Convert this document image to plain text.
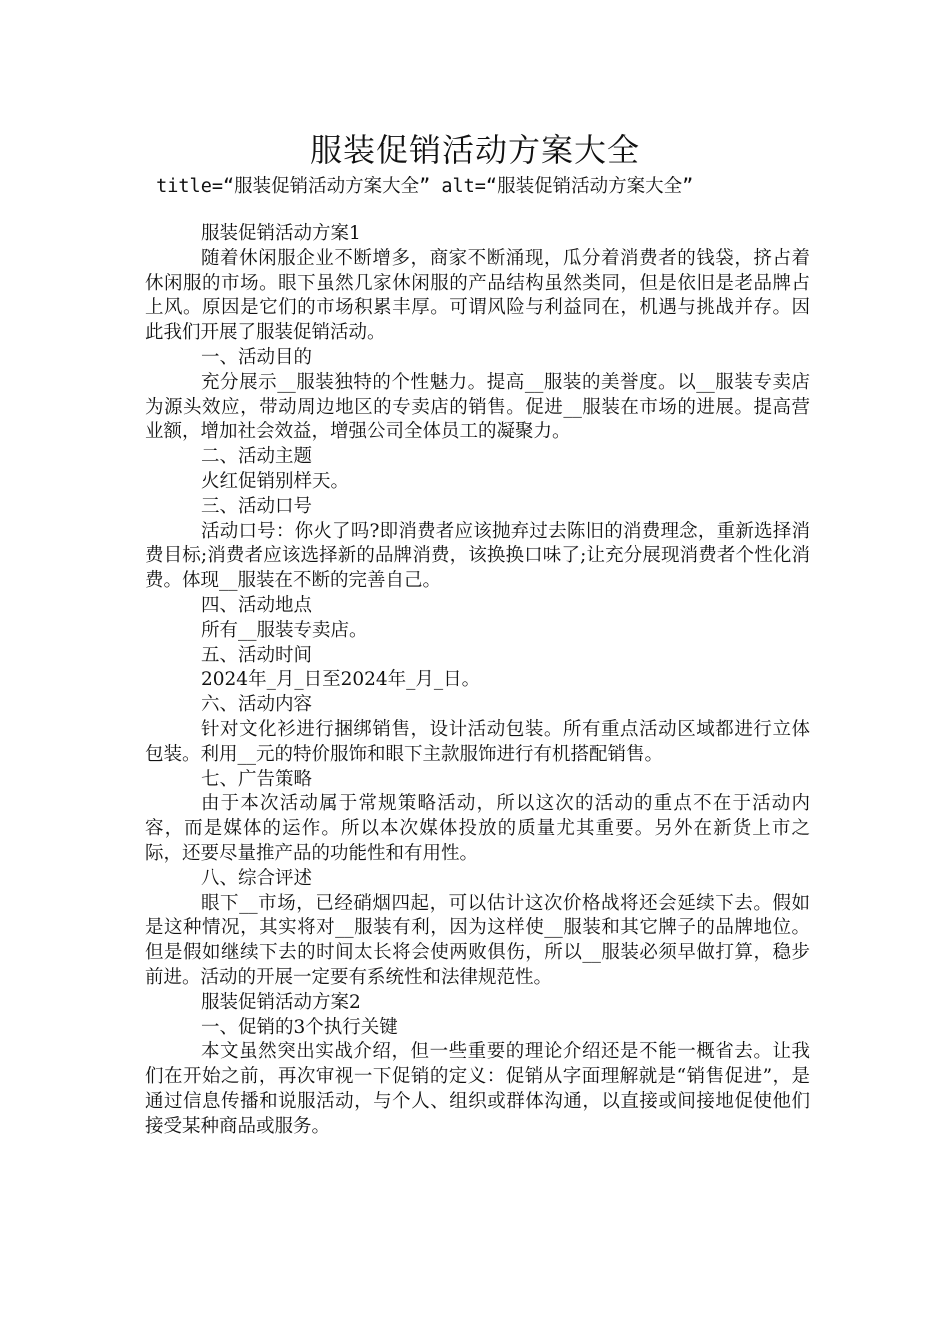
服装促销活动方案大全
title=“服装促销活动方案大全” alt=“服装促销活动方案大全”

服装促销活动方案1

随着休闲服企业不断增多，商家不断涌现，瓜分着消费者的钱袋，挤占着休闲服的市场。眼下虽然几家休闲服的产品结构虽然类同，但是依旧是老品牌占上风。原因是它们的市场积累丰厚。可谓风险与利益同在，机遇与挑战并存。因此我们开展了服装促销活动。

一、活动目的

充分展示__服装独特的个性魅力。提高__服装的美誉度。以__服装专卖店为源头效应，带动周边地区的专卖店的销售。促进__服装在市场的进展。提高营业额，增加社会效益，增强公司全体员工的凝聚力。

二、活动主题

火红促销别样天。

三、活动口号

活动口号：你火了吗?即消费者应该抛弃过去陈旧的消费理念，重新选择消费目标;消费者应该选择新的品牌消费，该换换口味了;让充分展现消费者个性化消费。体现__服装在不断的完善自己。

四、活动地点

所有__服装专卖店。

五、活动时间

2024年_月_日至2024年_月_日。

六、活动内容

针对文化衫进行捆绑销售，设计活动包装。所有重点活动区域都进行立体包装。利用__元的特价服饰和眼下主款服饰进行有机搭配销售。

七、广告策略

由于本次活动属于常规策略活动，所以这次的活动的重点不在于活动内容，而是媒体的运作。所以本次媒体投放的质量尤其重要。另外在新货上市之际，还要尽量推产品的功能性和有用性。

八、综合评述

眼下__市场，已经硝烟四起，可以估计这次价格战将还会延续下去。假如是这种情况，其实将对__服装有利，因为这样使__服装和其它牌子的品牌地位。但是假如继续下去的时间太长将会使两败俱伤，所以__服装必须早做打算，稳步前进。活动的开展一定要有系统性和法律规范性。

服装促销活动方案2

一、促销的3个执行关键

本文虽然突出实战介绍，但一些重要的理论介绍还是不能一概省去。让我们在开始之前，再次审视一下促销的定义：促销从字面理解就是“销售促进”，是通过信息传播和说服活动，与个人、组织或群体沟通，以直接或间接地促使他们接受某种商品或服务。
